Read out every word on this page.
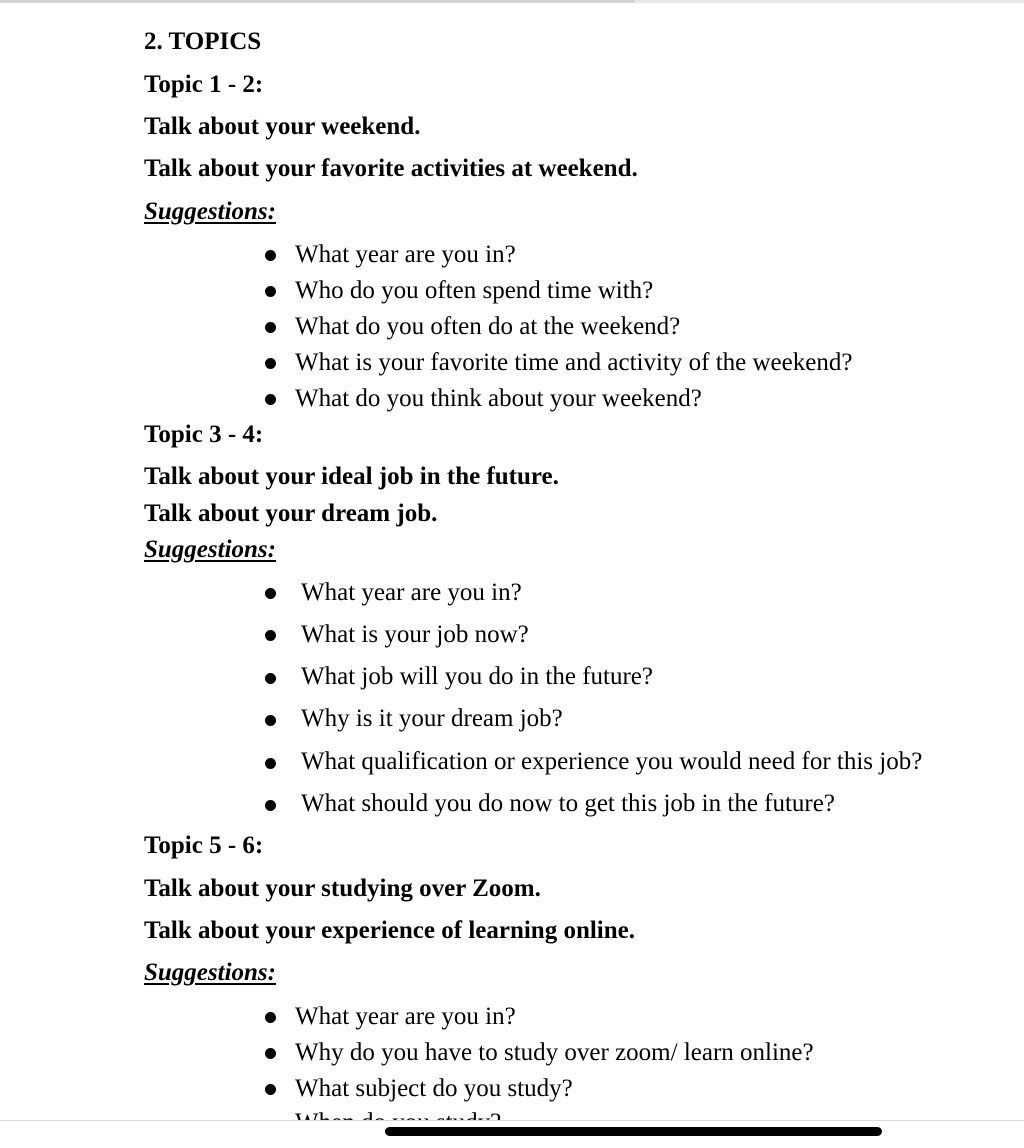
2. TOPICS
Topic 1 - 2:
Talk about your weekend.
Talk about your favorite activities at weekend.
Suggestions:
What year are you in?
Who do you often spend time with?
What do you often do at the weekend?
What is your favorite time and activity of the weekend?
What do you think about your weekend?
Topic 3 - 4:
Talk about your ideal job in the future.
Talk about your dream job.
Suggestions:
What year are you in?
What is your job now?
What job will you do in the future?
Why is it your dream job?
What qualification or experience you would need for this job?
What should you do now to get this job in the future?
Topic 5 - 6:
Talk about your studying over Zoom.
Talk about your experience of learning online.
Suggestions:
What year are you in?
Why do you have to study over zoom/ learn online?
What subject do you study?
